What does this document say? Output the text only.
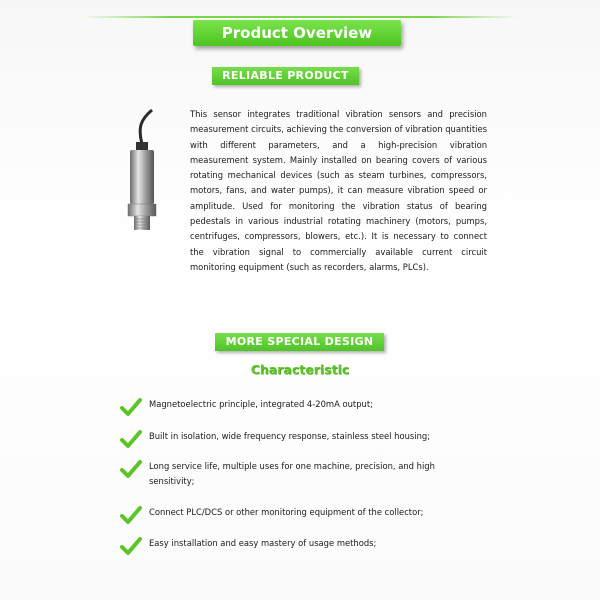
Product Overview
RELIABLE PRODUCT
This sensor integrates traditional vibration sensors and precision measurement circuits, achieving the conversion of vibration quantities with different parameters, and a high-precision vibration measurement system. Mainly installed on bearing covers of various rotating mechanical devices (such as steam turbines, compressors, motors, fans, and water pumps), it can measure vibration speed or amplitude. Used for monitoring the vibration status of bearing pedestals in various industrial rotating machinery (motors, pumps, centrifuges, compressors, blowers, etc.). It is necessary to connect the vibration signal to commercially available current circuit monitoring equipment (such as recorders, alarms, PLCs).
MORE SPECIAL DESIGN
Characteristic
Magnetoelectric principle, integrated 4-20mA output;
Built in isolation, wide frequency response, stainless steel housing;
Long service life, multiple uses for one machine, precision, and high sensitivity;
Connect PLC/DCS or other monitoring equipment of the collector;
Easy installation and easy mastery of usage methods;
